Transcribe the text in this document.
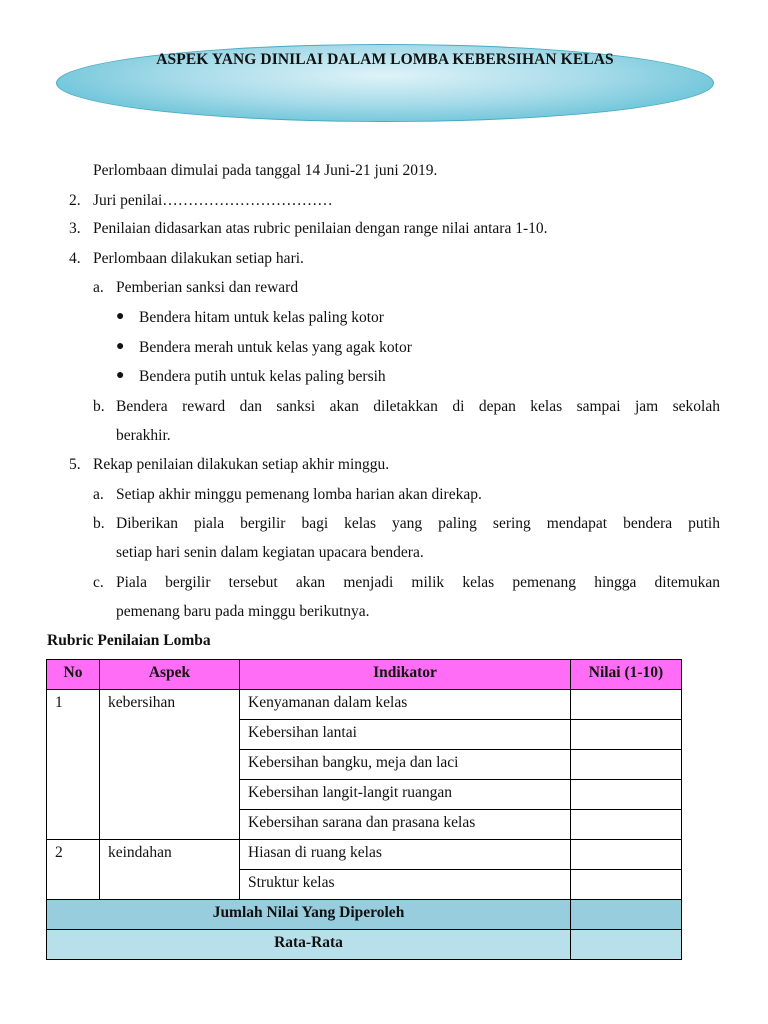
ASPEK YANG DINILAI DALAM LOMBA KEBERSIHAN KELAS
Perlombaan dimulai pada tanggal 14 Juni-21 juni 2019.
2. Juri penilai……………………………
3. Penilaian didasarkan atas rubric penilaian dengan range nilai antara 1-10.
4. Perlombaan dilakukan setiap hari.
a. Pemberian sanksi dan reward
● Bendera hitam untuk kelas paling kotor
● Bendera merah untuk kelas yang agak kotor
● Bendera putih untuk kelas paling bersih
b. Bendera reward dan sanksi akan diletakkan di depan kelas sampai jam sekolah
berakhir.
5. Rekap penilaian dilakukan setiap akhir minggu.
a. Setiap akhir minggu pemenang lomba harian akan direkap.
b. Diberikan piala bergilir bagi kelas yang paling sering mendapat bendera putih
setiap hari senin dalam kegiatan upacara bendera.
c. Piala bergilir tersebut akan menjadi milik kelas pemenang hingga ditemukan
pemenang baru pada minggu berikutnya.
Rubric Penilaian Lomba
No	Aspek	Indikator	Nilai (1-10)
1	kebersihan	Kenyamanan dalam kelas	
		Kebersihan lantai	
		Kebersihan bangku, meja dan laci	
		Kebersihan langit-langit ruangan	
		Kebersihan sarana dan prasana kelas	
2	keindahan	Hiasan di ruang kelas	
		Struktur kelas	
Jumlah Nilai Yang Diperoleh			
Rata-Rata			
